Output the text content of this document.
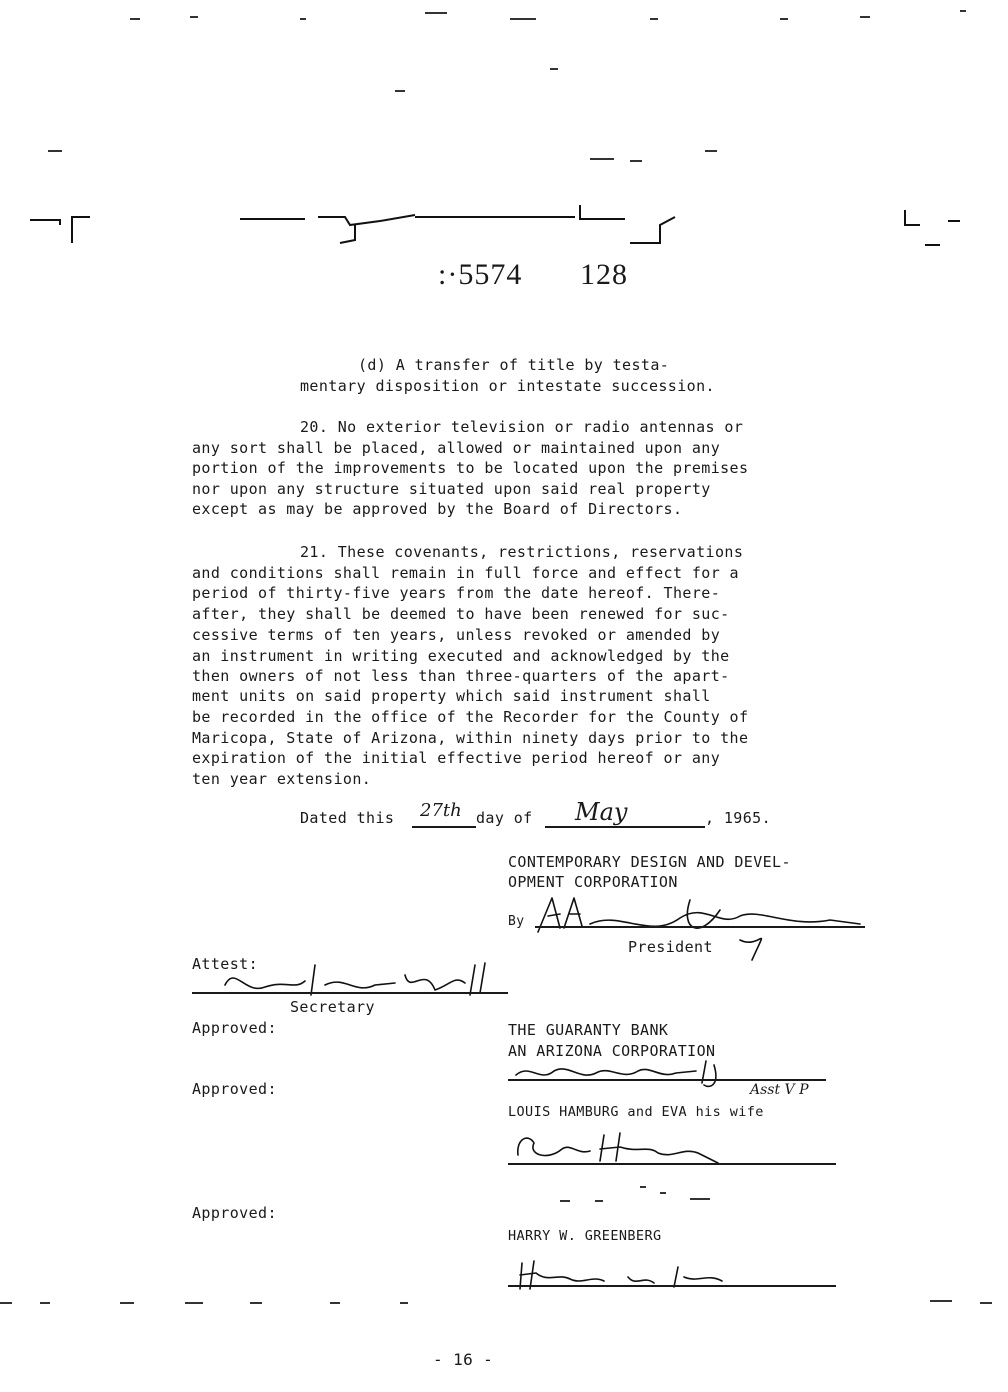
:·5574 128
(d) A transfer of title by testa-
mentary disposition or intestate succession.
20. No exterior television or radio antennas or
any sort shall be placed, allowed or maintained upon any
portion of the improvements to be located upon the premises
nor upon any structure situated upon said real property
except as may be approved by the Board of Directors.
21. These covenants, restrictions, reservations
and conditions shall remain in full force and effect for a
period of thirty-five years from the date hereof. There-
after, they shall be deemed to have been renewed for suc-
cessive terms of ten years, unless revoked or amended by
an instrument in writing executed and acknowledged by the
then owners of not less than three-quarters of the apart-
ment units on said property which said instrument shall
be recorded in the office of the Recorder for the County of
Maricopa, State of Arizona, within ninety days prior to the
expiration of the initial effective period hereof or any
ten year extension.
Dated this 27th day of May	, 1965.
CONTEMPORARY DESIGN AND DEVEL-
OPMENT CORPORATION
By
President
Attest:
Secretary
Approved:	THE GUARANTY BANK
AN ARIZONA CORPORATION
Asst V P
Approved:
LOUIS HAMBURG and EVA his wife
Approved:
HARRY W. GREENBERG
- 16 -
